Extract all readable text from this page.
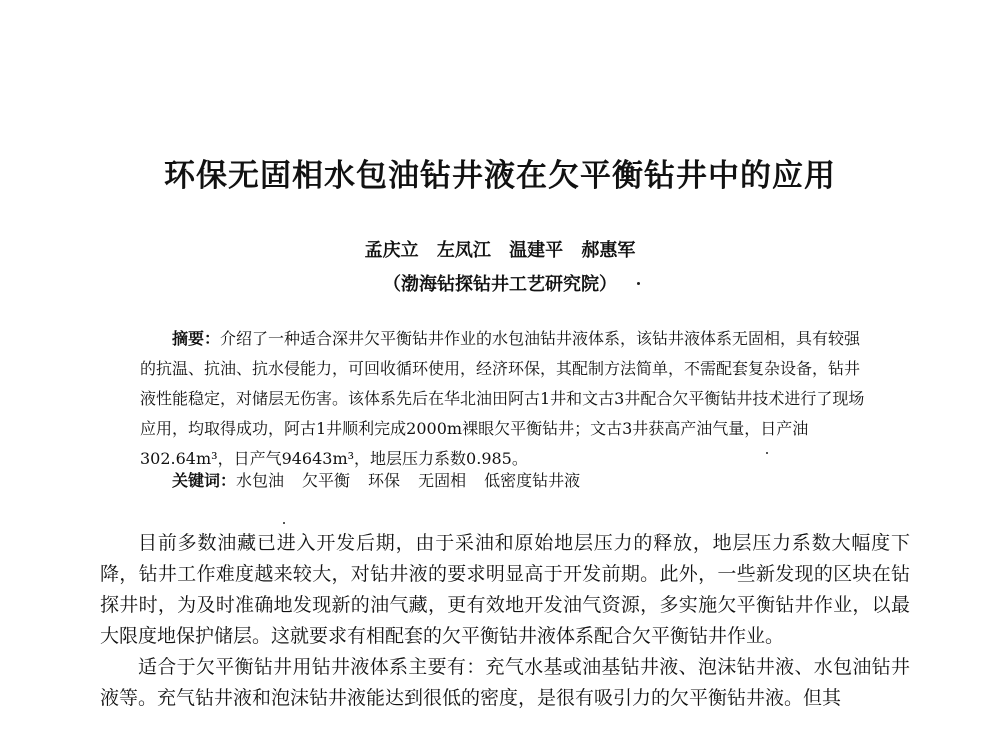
环保无固相水包油钻井液在欠平衡钻井中的应用
孟庆立 左凤江 温建平 郝惠军
（渤海钻探钻井工艺研究院）
摘要：介绍了一种适合深井欠平衡钻井作业的水包油钻井液体系，该钻井液体系无固相，具有较强的抗温、抗油、抗水侵能力，可回收循环使用，经济环保，其配制方法简单，不需配套复杂设备，钻井液性能稳定，对储层无伤害。该体系先后在华北油田阿古1井和文古3井配合欠平衡钻井技术进行了现场应用，均取得成功，阿古1井顺利完成2000m裸眼欠平衡钻井；文古3井获高产油气量，日产油302.64m³，日产气94643m³，地层压力系数0.985。
关键词：水包油 欠平衡 环保 无固相 低密度钻井液

目前多数油藏已进入开发后期，由于采油和原始地层压力的释放，地层压力系数大幅度下降，钻井工作难度越来较大，对钻井液的要求明显高于开发前期。此外，一些新发现的区块在钻探井时，为及时准确地发现新的油气藏，更有效地开发油气资源，多实施欠平衡钻井作业，以最大限度地保护储层。这就要求有相配套的欠平衡钻井液体系配合欠平衡钻井作业。

适合于欠平衡钻井用钻井液体系主要有：充气水基或油基钻井液、泡沫钻井液、水包油钻井液等。充气钻井液和泡沫钻井液能达到很低的密度，是很有吸引力的欠平衡钻井液。但其
